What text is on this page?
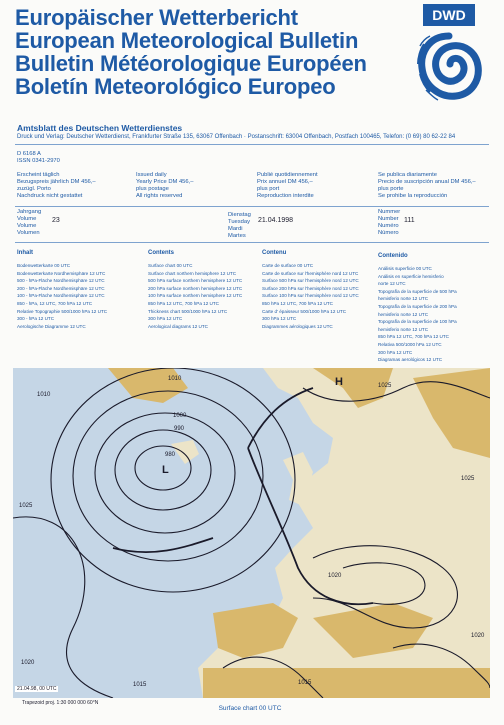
Europäischer Wetterbericht
European Meteorological Bulletin
Bulletin Météorologique Européen
Boletín Meteorológico Europeo
DWD
Amtsblatt des Deutschen Wetterdienstes
Druck und Verlag: Deutscher Wetterdienst, Frankfurter Straße 135, 63067 Offenbach · Postanschrift: 63004 Offenbach, Postfach 100465, Telefon: (0 69) 80 62-22 84
D 6168 A
ISSN 0341-2970
Erscheint täglich
Bezugspreis jährlich DM 456,–
zuzügl. Porto
Nachdruck nicht gestattet
Issued daily
Yearly Price DM 456,–
plus postage
All rights reserved
Publié quotidiennement
Prix annuel DM 456,–
plus port
Reproduction interdite
Se publica diariamente
Precio de suscripción anual DM 456,–
plus porte
Se prohibe la reproducción
Jahrgang
Volume
Volume
Volumen
23
Dienstag
Tuesday
Mardi
Martes
21.04.1998
Nummer
Number
Numéro
Número
111
Inhalt
Bodenwetterkarte 00 UTC
Bodenwetterkarte Nordhemisphäre 12 UTC
500 - hPa-Fläche Nordhemisphäre 12 UTC
200 - hPa-Fläche Nordhemisphäre 12 UTC
100 - hPa-Fläche Nordhemisphäre 12 UTC
850 - hPa, 12 UTC, 700 hPa 12 UTC
Relative Topographie 500/1000 hPa 12 UTC
300 - hPa 12 UTC
Aerologische Diagramme 12 UTC
Contents
Surface chart 00 UTC
Surface chart northern hemisphere 12 UTC
500 hPa surface northern hemisphere 12 UTC
200 hPa surface northern hemisphere 12 UTC
100 hPa surface northern hemisphere 12 UTC
850 hPa 12 UTC, 700 hPa 12 UTC
Thickness chart 500/1000 hPa 12 UTC
300 hPa 12 UTC
Aerological diagrams 12 UTC
Contenu
Carte de surface 00 UTC
Carte de surface sur l'hemisphère nord 12 UTC
Surface 500 hPa sur l'hemisphère nord 12 UTC
Surface 200 hPa sur l'hemisphère nord 12 UTC
Surface 100 hPa sur l'hemisphère nord 12 UTC
850 hPa 12 UTC, 700 hPa 12 UTC
Carte d' épaisseur 500/1000 hPa 12 UTC
300 hPa 12 UTC
Diagrammes aérologiques 12 UTC
Contenido
Análisis superficie 00 UTC
Análisis en superficie hemisferio
norte 12 UTC
Topografía de la superficie de 500 hPa
hemisferio norte 12 UTC
Topografía de la superficie de 200 hPa
hemisferio norte 12 UTC
Topografía de la superficie de 100 hPa
hemisferio norte 12 UTC
850 hPa 12 UTC, 700 hPa 12 UTC
Relativa 500/1000 hPa 12 UTC
300 hPa 12 UTC
Diagramas aerológicos 12 UTC
L
H
1010
1000
990
980
1010
1025
1025
1020
1020
1015
1025
1020
1015
21.04.98, 00 UTC
Trapezoid proj. 1:30 000 000 60°N
Surface chart 00 UTC
